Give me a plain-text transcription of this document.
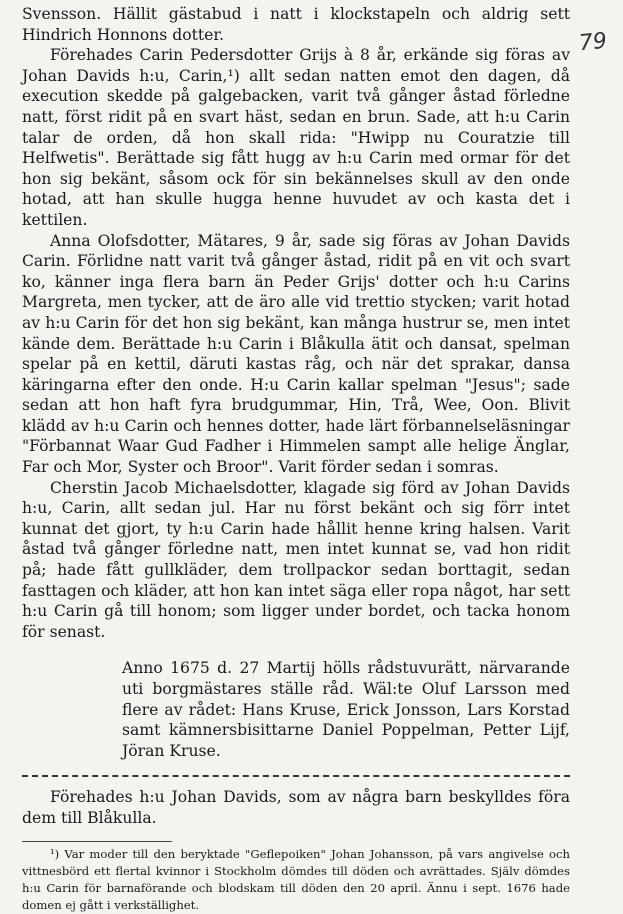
79

Svensson. Hällit gästabud i natt i klockstapeln och aldrig sett Hindrich Honnons dotter.

Förehades Carin Pedersdotter Grijs à 8 år, erkände sig föras av Johan Davids h:u, Carin,¹) allt sedan natten emot den dagen, då execution skedde på galgebacken, varit två gånger åstad förledne natt, först ridit på en svart häst, sedan en brun. Sade, att h:u Carin talar de orden, då hon skall rida: "Hwipp nu Couratzie till Helfwetis". Berättade sig fått hugg av h:u Carin med ormar för det hon sig bekänt, såsom ock för sin bekännelses skull av den onde hotad, att han skulle hugga henne huvudet av och kasta det i kettilen.

Anna Olofsdotter, Mätares, 9 år, sade sig föras av Johan Davids Carin. Förlidne natt varit två gånger åstad, ridit på en vit och svart ko, känner inga flera barn än Peder Grijs' dotter och h:u Carins Margreta, men tycker, att de äro alle vid trettio stycken; varit hotad av h:u Carin för det hon sig bekänt, kan många hustrur se, men intet kände dem. Berättade h:u Carin i Blåkulla ätit och dansat, spelman spelar på en kettil, däruti kastas råg, och när det sprakar, dansa käringarna efter den onde. H:u Carin kallar spelman "Jesus"; sade sedan att hon haft fyra brudgummar, Hin, Trå, Wee, Oon. Blivit klädd av h:u Carin och hennes dotter, hade lärt förbannelseläsningar "Förbannat Waar Gud Fadher i Himmelen sampt alle helige Änglar, Far och Mor, Syster och Broor". Varit förder sedan i somras.

Cherstin Jacob Michaelsdotter, klagade sig förd av Johan Davids h:u, Carin, allt sedan jul. Har nu först bekänt och sig förr intet kunnat det gjort, ty h:u Carin hade hållit henne kring halsen. Varit åstad två gånger förledne natt, men intet kunnat se, vad hon ridit på; hade fått gullkläder, dem trollpackor sedan borttagit, sedan fasttagen och kläder, att hon kan intet säga eller ropa något, har sett h:u Carin gå till honom; som ligger under bordet, och tacka honom för senast.

Anno 1675 d. 27 Martij hölls rådstuvurätt, närvarande uti borgmästares ställe råd. Wäl:te Oluf Larsson med flere av rådet: Hans Kruse, Erick Jonsson, Lars Korstad samt kämnersbisittarne Daniel Poppelman, Petter Lijf, Jöran Kruse.

Förehades h:u Johan Davids, som av några barn beskylldes föra dem till Blåkulla.

¹) Var moder till den beryktade "Geflepoiken" Johan Johansson, på vars angivelse och vittnesbörd ett flertal kvinnor i Stockholm dömdes till döden och avrättades. Själv dömdes h:u Carin för barnaförande och blodskam till döden den 20 april. Ännu i sept. 1676 hade domen ej gått i verkställighet.
